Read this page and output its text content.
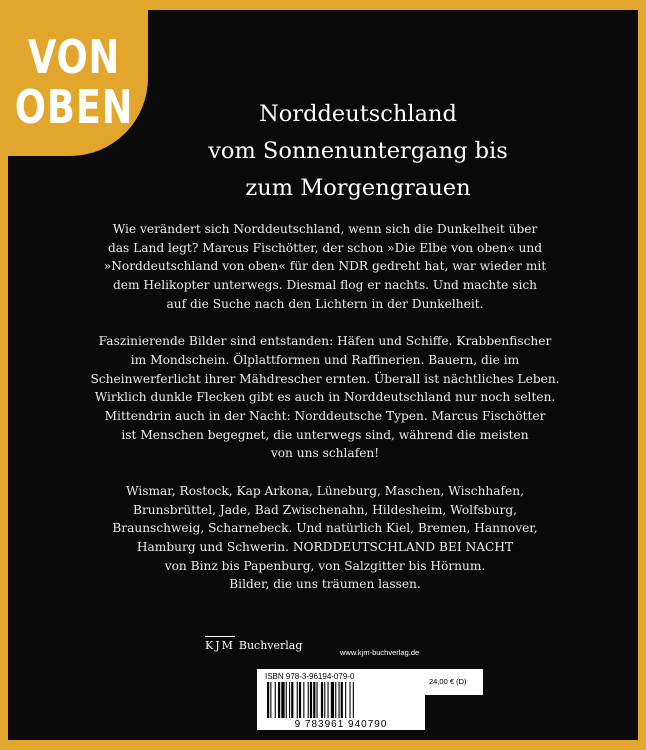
VON
OBEN	Norddeutschland
vom Sonnenuntergang bis
zum Morgengrauen

Wie verändert sich Norddeutschland, wenn sich die Dunkelheit über
das Land legt? Marcus Fischötter, der schon »Die Elbe von oben« und
»Norddeutschland von oben« für den NDR gedreht hat, war wieder mit
dem Helikopter unterwegs. Diesmal flog er nachts. Und machte sich
auf die Suche nach den Lichtern in der Dunkelheit.

Faszinierende Bilder sind entstanden: Häfen und Schiffe. Krabbenfischer
im Mondschein. Ölplattformen und Raffinerien. Bauern, die im
Scheinwerferlicht ihrer Mähdrescher ernten. Überall ist nächtliches Leben.
Wirklich dunkle Flecken gibt es auch in Norddeutschland nur noch selten.
Mittendrin auch in der Nacht: Norddeutsche Typen. Marcus Fischötter
ist Menschen begegnet, die unterwegs sind, während die meisten
von uns schlafen!

Wismar, Rostock, Kap Arkona, Lüneburg, Maschen, Wischhafen,
Brunsbrüttel, Jade, Bad Zwischenahn, Hildesheim, Wolfsburg,
Braunschweig, Scharnebeck. Und natürlich Kiel, Bremen, Hannover,
Hamburg und Schwerin. NORDDEUTSCHLAND BEI NACHT
von Binz bis Papenburg, von Salzgitter bis Hörnum.
Bilder, die uns träumen lassen.

KJM Buchverlag
www.kjm-buchverlag.de
ISBN 978-3-96194-079-0
9 783961 940790
24,00 € (D)
